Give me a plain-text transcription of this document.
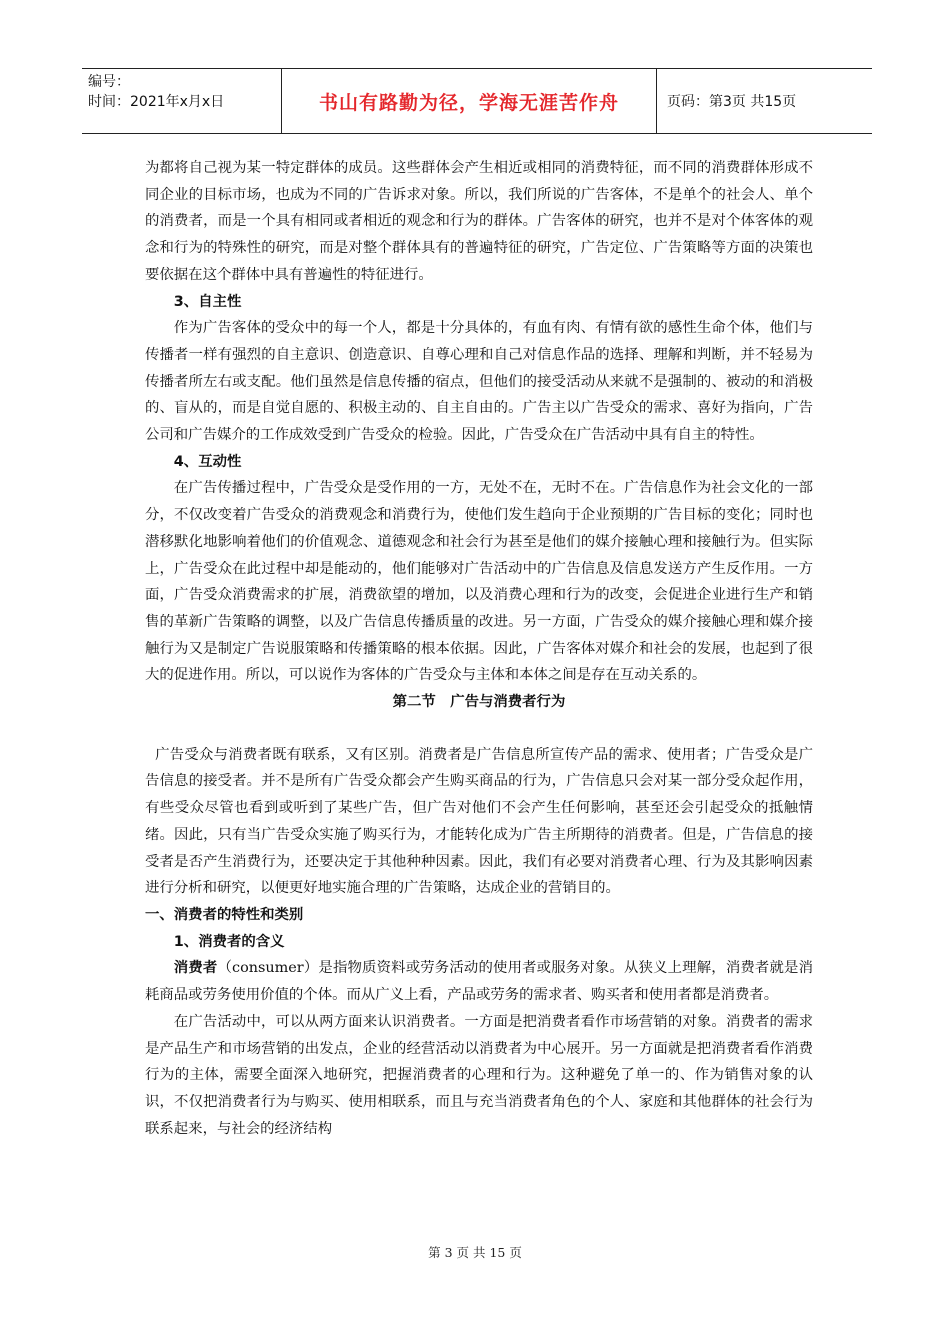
编号：
时间：2021年x月x日	书山有路勤为径，学海无涯苦作舟	页码：第3页 共15页

为都将自己视为某一特定群体的成员。这些群体会产生相近或相同的消费特征，而不同的消费群体形成不同企业的目标市场，也成为不同的广告诉求对象。所以，我们所说的广告客体，不是单个的社会人、单个的消费者，而是一个具有相同或者相近的观念和行为的群体。广告客体的研究，也并不是对个体客体的观念和行为的特殊性的研究，而是对整个群体具有的普遍特征的研究，广告定位、广告策略等方面的决策也要依据在这个群体中具有普遍性的特征进行。

3、自主性

作为广告客体的受众中的每一个人，都是十分具体的，有血有肉、有情有欲的感性生命个体，他们与传播者一样有强烈的自主意识、创造意识、自尊心理和自己对信息作品的选择、理解和判断，并不轻易为传播者所左右或支配。他们虽然是信息传播的宿点，但他们的接受活动从来就不是强制的、被动的和消极的、盲从的，而是自觉自愿的、积极主动的、自主自由的。广告主以广告受众的需求、喜好为指向，广告公司和广告媒介的工作成效受到广告受众的检验。因此，广告受众在广告活动中具有自主的特性。

4、互动性

在广告传播过程中，广告受众是受作用的一方，无处不在，无时不在。广告信息作为社会文化的一部分，不仅改变着广告受众的消费观念和消费行为，使他们发生趋向于企业预期的广告目标的变化；同时也潜移默化地影响着他们的价值观念、道德观念和社会行为甚至是他们的媒介接触心理和接触行为。但实际上，广告受众在此过程中却是能动的，他们能够对广告活动中的广告信息及信息发送方产生反作用。一方面，广告受众消费需求的扩展，消费欲望的增加，以及消费心理和行为的改变，会促进企业进行生产和销售的革新广告策略的调整，以及广告信息传播质量的改进。另一方面，广告受众的媒介接触心理和媒介接触行为又是制定广告说服策略和传播策略的根本依据。因此，广告客体对媒介和社会的发展，也起到了很大的促进作用。所以，可以说作为客体的广告受众与主体和本体之间是存在互动关系的。

第二节　广告与消费者行为

广告受众与消费者既有联系，又有区别。消费者是广告信息所宣传产品的需求、使用者；广告受众是广告信息的接受者。并不是所有广告受众都会产生购买商品的行为，广告信息只会对某一部分受众起作用，有些受众尽管也看到或听到了某些广告，但广告对他们不会产生任何影响，甚至还会引起受众的抵触情绪。因此，只有当广告受众实施了购买行为，才能转化成为广告主所期待的消费者。但是，广告信息的接受者是否产生消费行为，还要决定于其他种种因素。因此，我们有必要对消费者心理、行为及其影响因素进行分析和研究，以便更好地实施合理的广告策略，达成企业的营销目的。

一、消费者的特性和类别

1、消费者的含义

消费者（consumer）是指物质资料或劳务活动的使用者或服务对象。从狭义上理解，消费者就是消耗商品或劳务使用价值的个体。而从广义上看，产品或劳务的需求者、购买者和使用者都是消费者。

在广告活动中，可以从两方面来认识消费者。一方面是把消费者看作市场营销的对象。消费者的需求是产品生产和市场营销的出发点，企业的经营活动以消费者为中心展开。另一方面就是把消费者看作消费行为的主体，需要全面深入地研究，把握消费者的心理和行为。这种避免了单一的、作为销售对象的认识，不仅把消费者行为与购买、使用相联系，而且与充当消费者角色的个人、家庭和其他群体的社会行为联系起来，与社会的经济结构

第 3 页 共 15 页
